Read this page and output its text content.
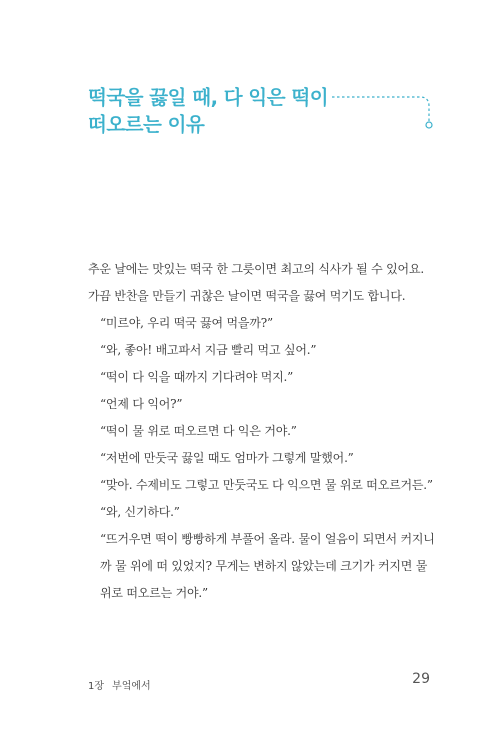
떡국을 끓일 때, 다 익은 떡이
떠오르는 이유

추운 날에는 맛있는 떡국 한 그릇이면 최고의 식사가 될 수 있어요.

가끔 반찬을 만들기 귀찮은 날이면 떡국을 끓여 먹기도 합니다.

“미르야, 우리 떡국 끓여 먹을까?”

“와, 좋아! 배고파서 지금 빨리 먹고 싶어.”

“떡이 다 익을 때까지 기다려야 먹지.”

“언제 다 익어?”

“떡이 물 위로 떠오르면 다 익은 거야.”

“저번에 만둣국 끓일 때도 엄마가 그렇게 말했어.”

“맞아. 수제비도 그렇고 만둣국도 다 익으면 물 위로 떠오르거든.”

“와, 신기하다.”

“뜨거우면 떡이 빵빵하게 부풀어 올라. 물이 얼음이 되면서 커지니까 물 위에 떠 있었지? 무게는 변하지 않았는데 크기가 커지면 물 위로 떠오르는 거야.”

1장 부엌에서	29
